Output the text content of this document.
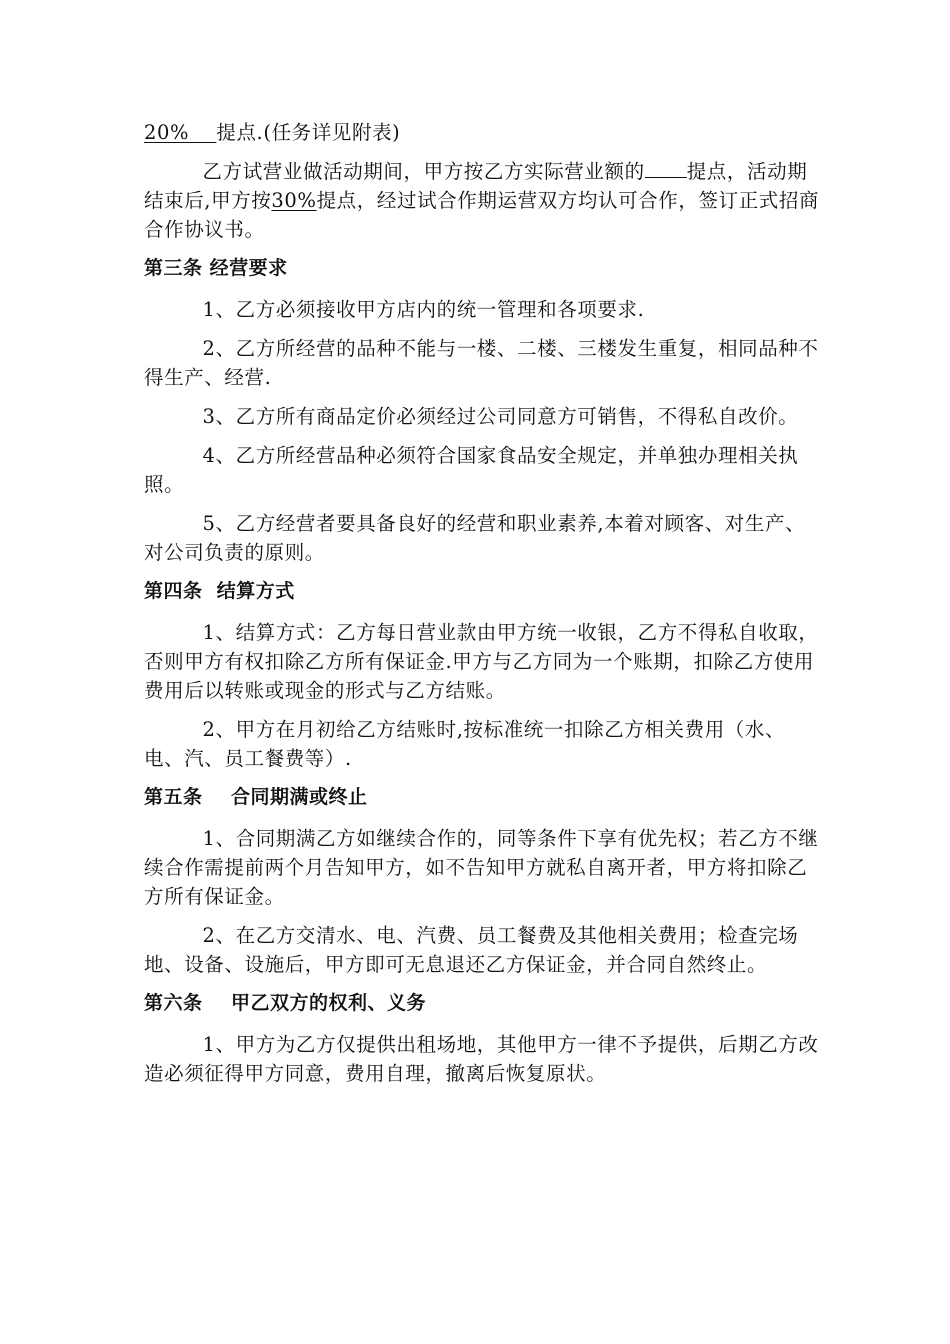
20% 提点.(任务详见附表)

乙方试营业做活动期间，甲方按乙方实际营业额的 提点，活动期结束后,甲方按30%提点，经过试合作期运营双方均认可合作，签订正式招商合作协议书。

第三条 经营要求

1、乙方必须接收甲方店内的统一管理和各项要求.

2、乙方所经营的品种不能与一楼、二楼、三楼发生重复，相同品种不得生产、经营.

3、乙方所有商品定价必须经过公司同意方可销售，不得私自改价。

4、乙方所经营品种必须符合国家食品安全规定，并单独办理相关执照。

5、乙方经营者要具备良好的经营和职业素养,本着对顾客、对生产、对公司负责的原则。

第四条  结算方式

1、结算方式：乙方每日营业款由甲方统一收银，乙方不得私自收取，否则甲方有权扣除乙方所有保证金.甲方与乙方同为一个账期，扣除乙方使用费用后以转账或现金的形式与乙方结账。

2、甲方在月初给乙方结账时,按标准统一扣除乙方相关费用（水、电、汽、员工餐费等）.

第五条    合同期满或终止

1、合同期满乙方如继续合作的，同等条件下享有优先权；若乙方不继续合作需提前两个月告知甲方，如不告知甲方就私自离开者，甲方将扣除乙方所有保证金。

2、在乙方交清水、电、汽费、员工餐费及其他相关费用；检查完场地、设备、设施后，甲方即可无息退还乙方保证金，并合同自然终止。

第六条    甲乙双方的权利、义务

1、甲方为乙方仅提供出租场地，其他甲方一律不予提供，后期乙方改造必须征得甲方同意，费用自理，撤离后恢复原状。
